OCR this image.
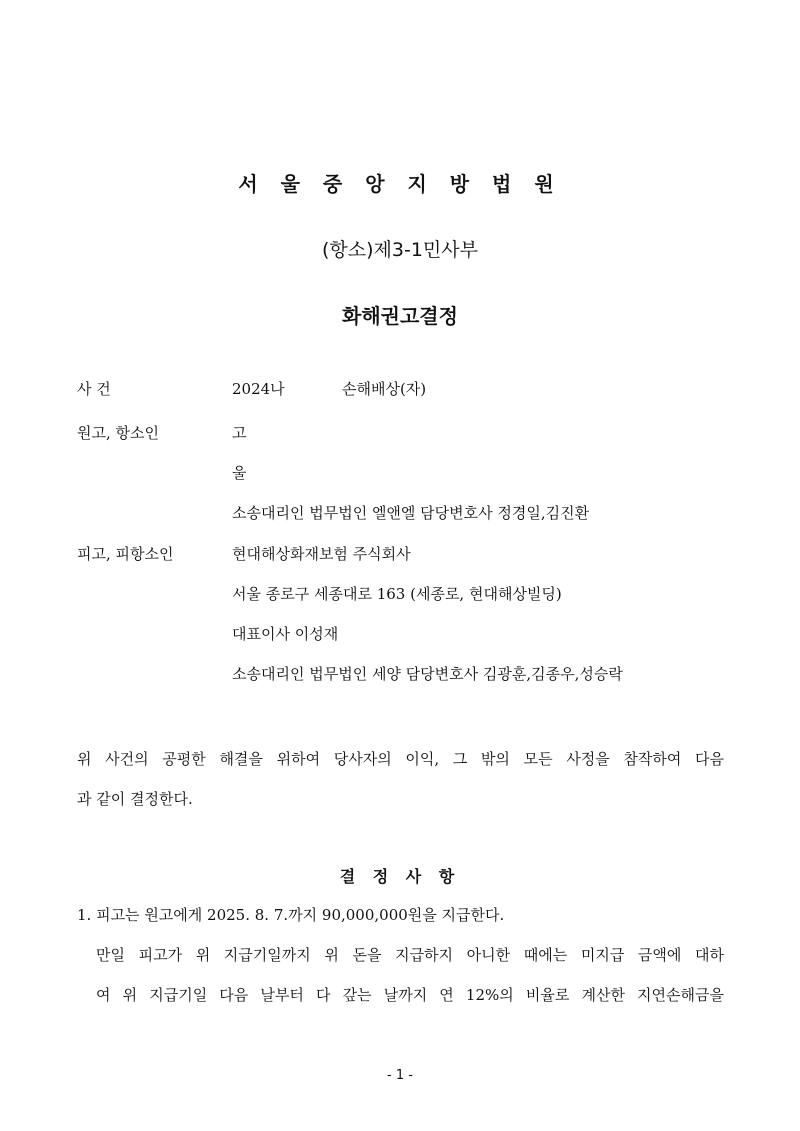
서 울 중 앙 지 방 법 원
(항소)제3-1민사부
화해권고결정
사 건	2024나	손해배상(자)
원고, 항소인	고
울
소송대리인 법무법인 엘앤엘 담당변호사 정경일,김진환
피고, 피항소인	현대해상화재보험 주식회사
서울 종로구 세종대로 163 (세종로, 현대해상빌딩)
대표이사 이성재
소송대리인 법무법인 세양 담당변호사 김광훈,김종우,성승락
위 사건의 공평한 해결을 위하여 당사자의 이익, 그 밖의 모든 사정을 참작하여 다음
과 같이 결정한다.
결 정 사 항
1. 피고는 원고에게 2025. 8. 7.까지 90,000,000원을 지급한다.
만일 피고가 위 지급기일까지 위 돈을 지급하지 아니한 때에는 미지급 금액에 대하
여 위 지급기일 다음 날부터 다 갚는 날까지 연 12%의 비율로 계산한 지연손해금을
- 1 -
